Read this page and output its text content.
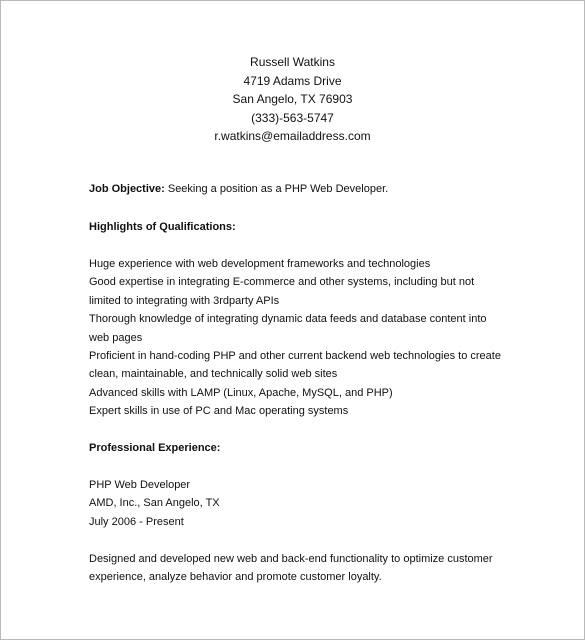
Russell Watkins
4719 Adams Drive
San Angelo, TX 76903
(333)-563-5747
r.watkins@emailaddress.com
Job Objective: Seeking a position as a PHP Web Developer.
Highlights of Qualifications:
Huge experience with web development frameworks and technologies
Good expertise in integrating E-commerce and other systems, including but not
limited to integrating with 3rdparty APIs
Thorough knowledge of integrating dynamic data feeds and database content into
web pages
Proficient in hand-coding PHP and other current backend web technologies to create
clean, maintainable, and technically solid web sites
Advanced skills with LAMP (Linux, Apache, MySQL, and PHP)
Expert skills in use of PC and Mac operating systems
Professional Experience:
PHP Web Developer
AMD, Inc., San Angelo, TX
July 2006 - Present
Designed and developed new web and back-end functionality to optimize customer
experience, analyze behavior and promote customer loyalty.
